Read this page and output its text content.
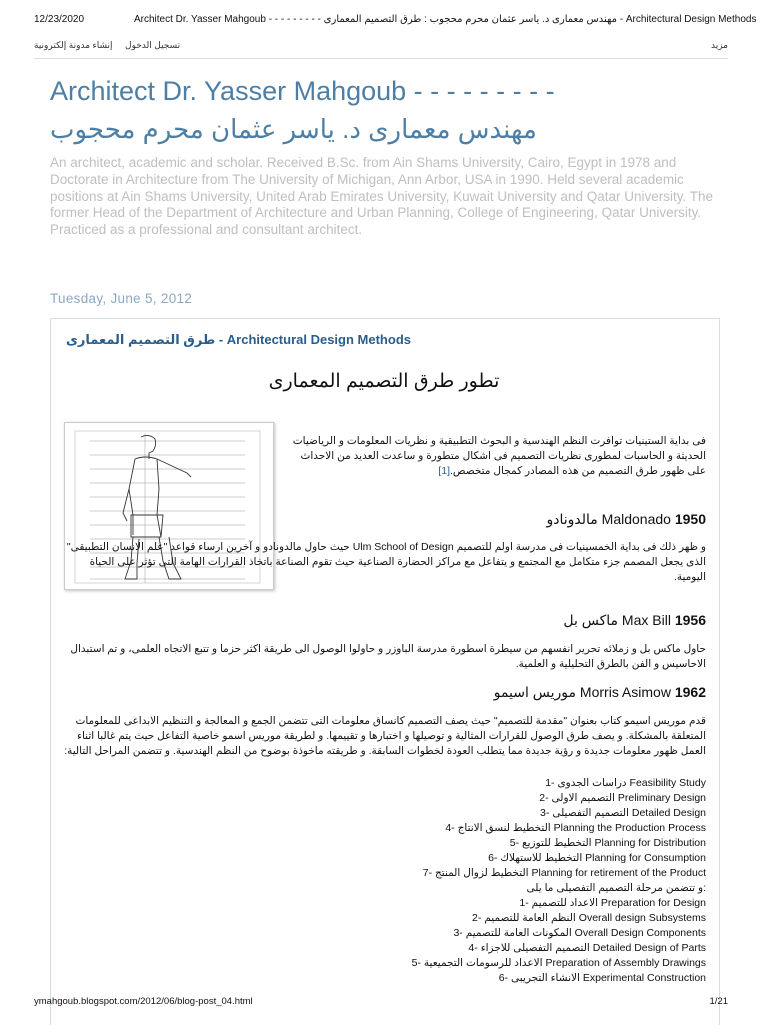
12/23/2020	Architect Dr. Yasser Mahgoub - - - - - - - - - مهندس معمارى د. ياسر عثمان محرم محجوب : طرق التصميم المعمارى - Architectural Design Methods
تسجيل الدخول إنشاء مدونة إلكترونية	مزيد
Architect Dr. Yasser Mahgoub - - - - - - - - -
مهندس معمارى د. ياسر عثمان محرم محجوب
An architect, academic and scholar. Received B.Sc. from Ain Shams University, Cairo, Egypt in 1978 and Doctorate in Architecture from The University of Michigan, Ann Arbor, USA in 1990. Held several academic positions at Ain Shams University, United Arab Emirates University, Kuwait University and Qatar University. The former Head of the Department of Architecture and Urban Planning, College of Engineering, Qatar University. Practiced as a professional and consultant architect.
Tuesday, June 5, 2012
طرق التصميم المعمارى - Architectural Design Methods
تطور طرق التصميم المعمارى
فى بداية الستينيات توافرت النظم الهندسية و البحوث التطبيقية و نظريات المعلومات و الرياضيات الحديثة و الحاسبات لمطورى نظريات التصميم فى اشكال متطورة و ساعدت العديد من الاحداث على ظهور طرق التصميم من هذه المصادر كمجال متخصص.[1]
مالدونادو Maldonado 1950
و ظهر ذلك فى بداية الخمسينيات فى مدرسة اولم للتصميم Ulm School of Design حيث حاول مالدونادو و آخرين ارساء قواعد "علم الانسان التطبيقى" الذى يجعل المصمم جزء متكامل مع المجتمع و يتفاعل مع مراكز الحضارة الصناعية حيث تقوم الصناعة باتخاذ القرارات الهامة التى تؤثر على الحياة اليومية.
ماكس بل Max Bill 1956
حاول ماكس بل و زملائه تحرير انفسهم من سيطرة اسطورة مدرسة الباوزر و حاولوا الوصول الى طريقة اكثر حزما و تتبع الاتجاه العلمى، و تم استبدال الاحاسيس و الفن بالطرق التحليلية و العلمية.
موريس اسيمو Morris Asimow 1962
قدم موريس اسيمو كتاب بعنوان "مقدمة للتصميم" حيث يصف التصميم كانساق معلومات التى تتضمن الجمع و المعالجة و التنظيم الابداعى للمعلومات المتعلقة بالمشكلة. و يصف طرق الوصول للقرارات المثالية و توصيلها و اختبارها و تقييمها. و لطريقة موريس اسمو خاصية التفاعل حيث يتم غالبا اثناء العمل ظهور معلومات جديدة و رؤية جديدة مما يتطلب العودة لخطوات السابقة. و طريقته ماخوذة بوضوح من النظم الهندسية. و تتضمن المراحل التالية:
1- دراسات الجدوى Feasibility Study
2- التصميم الاولى Preliminary Design
3- التصميم التفصيلى Detailed Design
4- التخطيط لنسق الانتاج Planning the Production Process
5- التخطيط للتوزيع Planning for Distribution
6- التخطيط للاستهلاك Planning for Consumption
7- التخطيط لزوال المنتج Planning for retirement of the Product
و تتضمن مرحلة التصميم التفصيلى ما يلى:
1- الاعداد للتصميم Preparation for Design
2- النظم العامة للتصميم Overall design Subsystems
3- المكونات العامة للتصميم Overall Design Components
4- التصميم التفصيلى للاجزاء Detailed Design of Parts
5- الاعداد للرسومات التجميعية Preparation of Assembly Drawings
6- الانشاء التجريبى Experimental Construction
ymahgoub.blogspot.com/2012/06/blog-post_04.html	1/21
